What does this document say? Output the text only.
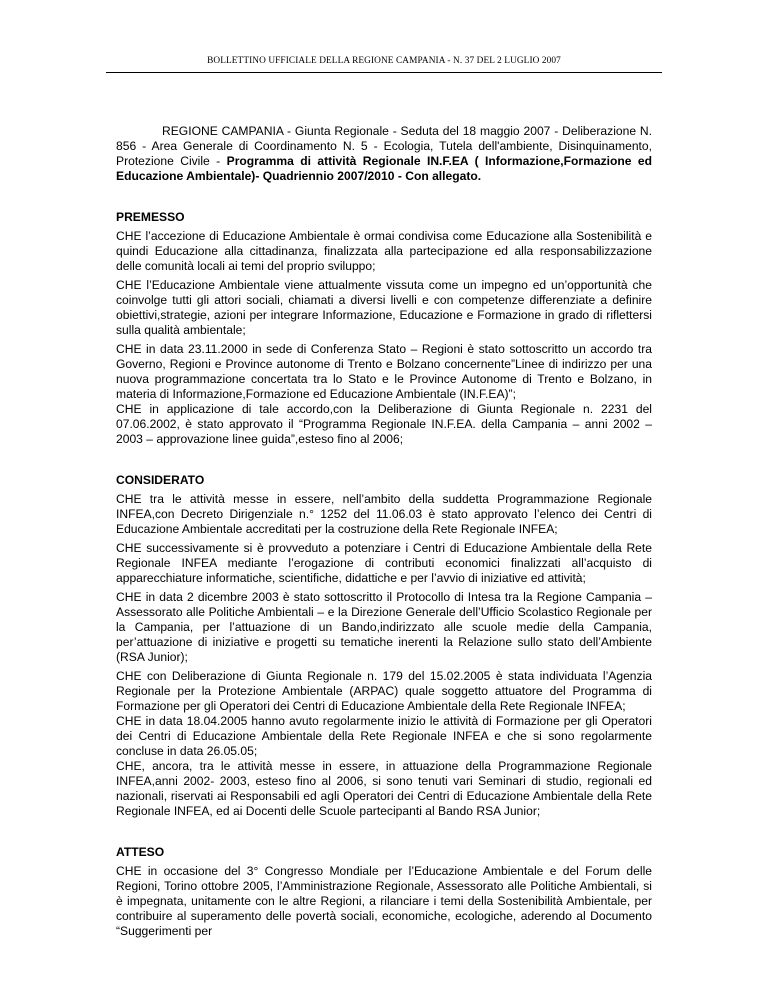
BOLLETTINO UFFICIALE DELLA REGIONE CAMPANIA - N. 37 DEL 2 LUGLIO 2007

REGIONE CAMPANIA - Giunta Regionale - Seduta del 18 maggio 2007 - Deliberazione N. 856 - Area Generale di Coordinamento N. 5 - Ecologia, Tutela dell'ambiente, Disinquinamento, Protezione Civile - Programma di attività Regionale IN.F.EA ( Informazione,Formazione ed Educazione Ambientale)- Quadriennio 2007/2010 - Con allegato.

PREMESSO

CHE l’accezione di Educazione Ambientale è ormai condivisa come Educazione alla Sostenibilità e quindi Educazione alla cittadinanza, finalizzata alla partecipazione ed alla responsabilizzazione delle comunità locali ai temi del proprio sviluppo;

CHE l’Educazione Ambientale viene attualmente vissuta come un impegno ed un’opportunità che coinvolge tutti gli attori sociali, chiamati a diversi livelli e con competenze differenziate a definire obiettivi,strategie, azioni per integrare Informazione, Educazione e Formazione in grado di riflettersi sulla qualità ambientale;

CHE in data 23.11.2000 in sede di Conferenza Stato – Regioni è stato sottoscritto un accordo tra Governo, Regioni e Province autonome di Trento e Bolzano concernente”Linee di indirizzo per una nuova programmazione concertata tra lo Stato e le Province Autonome di Trento e Bolzano, in materia di Informazione,Formazione ed Educazione Ambientale (IN.F.EA)”;

CHE in applicazione di tale accordo,con la Deliberazione di Giunta Regionale n. 2231 del 07.06.2002, è stato approvato il “Programma Regionale IN.F.EA. della Campania – anni 2002 – 2003 – approvazione linee guida”,esteso fino al 2006;

CONSIDERATO

CHE tra le attività messe in essere, nell’ambito della suddetta Programmazione Regionale INFEA,con Decreto Dirigenziale n.° 1252 del 11.06.03 è stato approvato l’elenco dei Centri di Educazione Ambientale accreditati per la costruzione della Rete Regionale INFEA;

CHE successivamente si è provveduto a potenziare i Centri di Educazione Ambientale della Rete Regionale INFEA mediante l’erogazione di contributi economici finalizzati all’acquisto di apparecchiature informatiche, scientifiche, didattiche e per l’avvio di iniziative ed attività;

CHE in data 2 dicembre 2003 è stato sottoscritto il Protocollo di Intesa tra la Regione Campania – Assessorato alle Politiche Ambientali – e la Direzione Generale dell’Ufficio Scolastico Regionale per la Campania, per l’attuazione di un Bando,indirizzato alle scuole medie della Campania, per’attuazione di iniziative e progetti su tematiche inerenti la Relazione sullo stato dell’Ambiente (RSA Junior);

CHE con Deliberazione di Giunta Regionale n. 179 del 15.02.2005 è stata individuata l’Agenzia Regionale per la Protezione Ambientale (ARPAC) quale soggetto attuatore del Programma di Formazione per gli Operatori dei Centri di Educazione Ambientale della Rete Regionale INFEA;

CHE in data 18.04.2005 hanno avuto regolarmente inizio le attività di Formazione per gli Operatori dei Centri di Educazione Ambientale della Rete Regionale INFEA e che si sono regolarmente concluse in data 26.05.05;

CHE, ancora, tra le attività messe in essere, in attuazione della Programmazione Regionale INFEA,anni 2002- 2003, esteso fino al 2006, si sono tenuti vari Seminari di studio, regionali ed nazionali, riservati ai Responsabili ed agli Operatori dei Centri di Educazione Ambientale della Rete Regionale INFEA, ed ai Docenti delle Scuole partecipanti al Bando RSA Junior;

ATTESO

CHE in occasione del 3° Congresso Mondiale per l’Educazione Ambientale e del Forum delle Regioni, Torino ottobre 2005, l’Amministrazione Regionale, Assessorato alle Politiche Ambientali, si è impegnata, unitamente con le altre Regioni, a rilanciare i temi della Sostenibilità Ambientale, per contribuire al superamento delle povertà sociali, economiche, ecologiche, aderendo al Documento “Suggerimenti per
